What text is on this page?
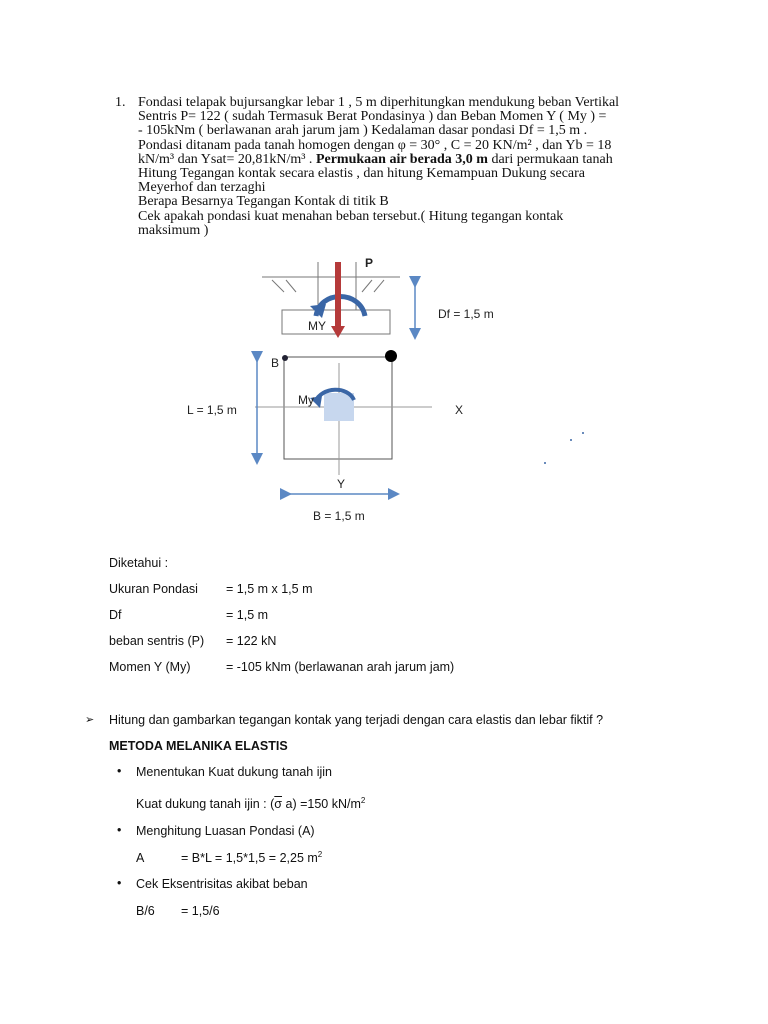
1. Fondasi telapak bujursangkar lebar 1 , 5 m diperhitungkan mendukung beban Vertikal
Sentris P= 122 ( sudah Termasuk Berat Pondasinya ) dan Beban Momen Y ( My ) =
- 105kNm ( berlawanan arah jarum jam ) Kedalaman dasar pondasi Df = 1,5 m .
Pondasi ditanam pada tanah homogen dengan φ = 30° , C = 20 KN/m² , dan Yb = 18
kN/m³ dan Ysat= 20,81kN/m³ . Permukaan air berada 3,0 m dari permukaan tanah
Hitung Tegangan kontak secara elastis , dan hitung Kemampuan Dukung secara
Meyerhof dan terzaghi
Berapa Besarnya Tegangan Kontak di titik B
Cek apakah pondasi kuat menahan beban tersebut.( Hitung tegangan kontak
maksimum )
P
MY
Df = 1,5 m
B
My
L = 1,5 m	X
Y
B = 1,5 m
Diketahui :
Ukuran Pondasi = 1,5 m x 1,5 m
Df	= 1,5 m
beban sentris (P) = 122 kN
Momen Y (My)	= -105 kNm (berlawanan arah jarum jam)
➢ Hitung dan gambarkan tegangan kontak yang terjadi dengan cara elastis dan lebar fiktif ?
METODA MELANIKA ELASTIS
• Menentukan Kuat dukung tanah ijin
Kuat dukung tanah ijin : ($\overline{\sigma}$ a) =150 $kN/m^2$
• Menghitung Luasan Pondasi (A)
A	= B*L = 1,5*1,5 = 2,25 $m^2$
• Cek Eksentrisitas akibat beban
B/6 = 1,5/6
